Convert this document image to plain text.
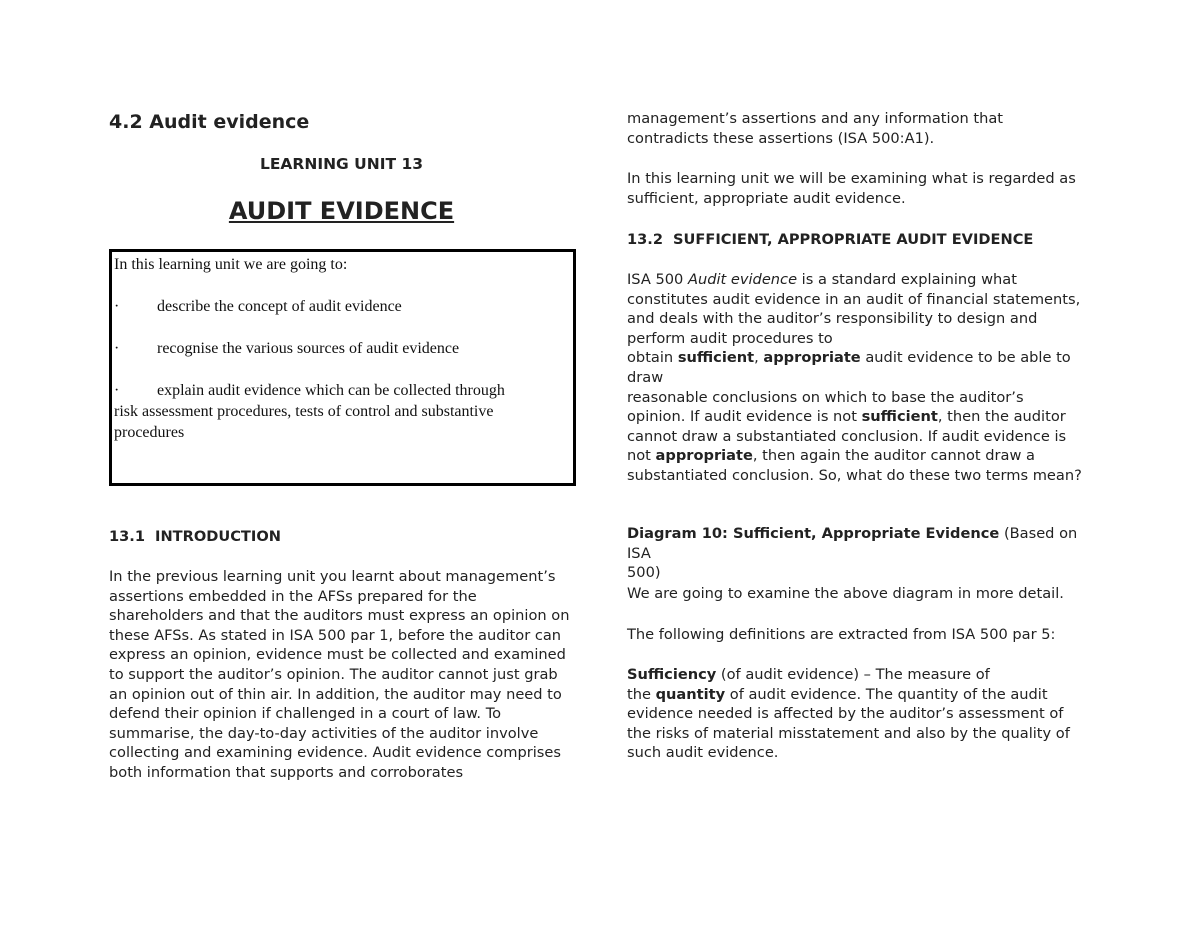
4.2 Audit evidence
LEARNING UNIT 13
AUDIT EVIDENCE
In this learning unit we are going to:
· describe the concept of audit evidence
· recognise the various sources of audit evidence
· explain audit evidence which can be collected through
risk assessment procedures, tests of control and substantive
procedures
13.1 INTRODUCTION

In the previous learning unit you learnt about management’s

assertions embedded in the AFSs prepared for the

shareholders and that the auditors must express an opinion on

these AFSs. As stated in ISA 500 par 1, before the auditor can

express an opinion, evidence must be collected and examined

to support the auditor’s opinion. The auditor cannot just grab

an opinion out of thin air. In addition, the auditor may need to

defend their opinion if challenged in a court of law. To

summarise, the day-to-day activities of the auditor involve

collecting and examining evidence. Audit evidence comprises

both information that supports and corroborates

management’s assertions and any information that

contradicts these assertions (ISA 500:A1).

In this learning unit we will be examining what is regarded as

sufficient, appropriate audit evidence.

13.2 SUFFICIENT, APPROPRIATE AUDIT EVIDENCE

ISA 500 Audit evidence is a standard explaining what

constitutes audit evidence in an audit of financial statements,

and deals with the auditor’s responsibility to design and

perform audit procedures to

obtain sufficient, appropriate audit evidence to be able to draw

reasonable conclusions on which to base the auditor’s

opinion. If audit evidence is not sufficient, then the auditor

cannot draw a substantiated conclusion. If audit evidence is

not appropriate, then again the auditor cannot draw a

substantiated conclusion. So, what do these two terms mean?

Diagram 10: Sufficient, Appropriate Evidence (Based on ISA

500)

We are going to examine the above diagram in more detail.

The following definitions are extracted from ISA 500 par 5:

Sufficiency (of audit evidence) – The measure of

the quantity of audit evidence. The quantity of the audit

evidence needed is affected by the auditor’s assessment of

the risks of material misstatement and also by the quality of

such audit evidence.
